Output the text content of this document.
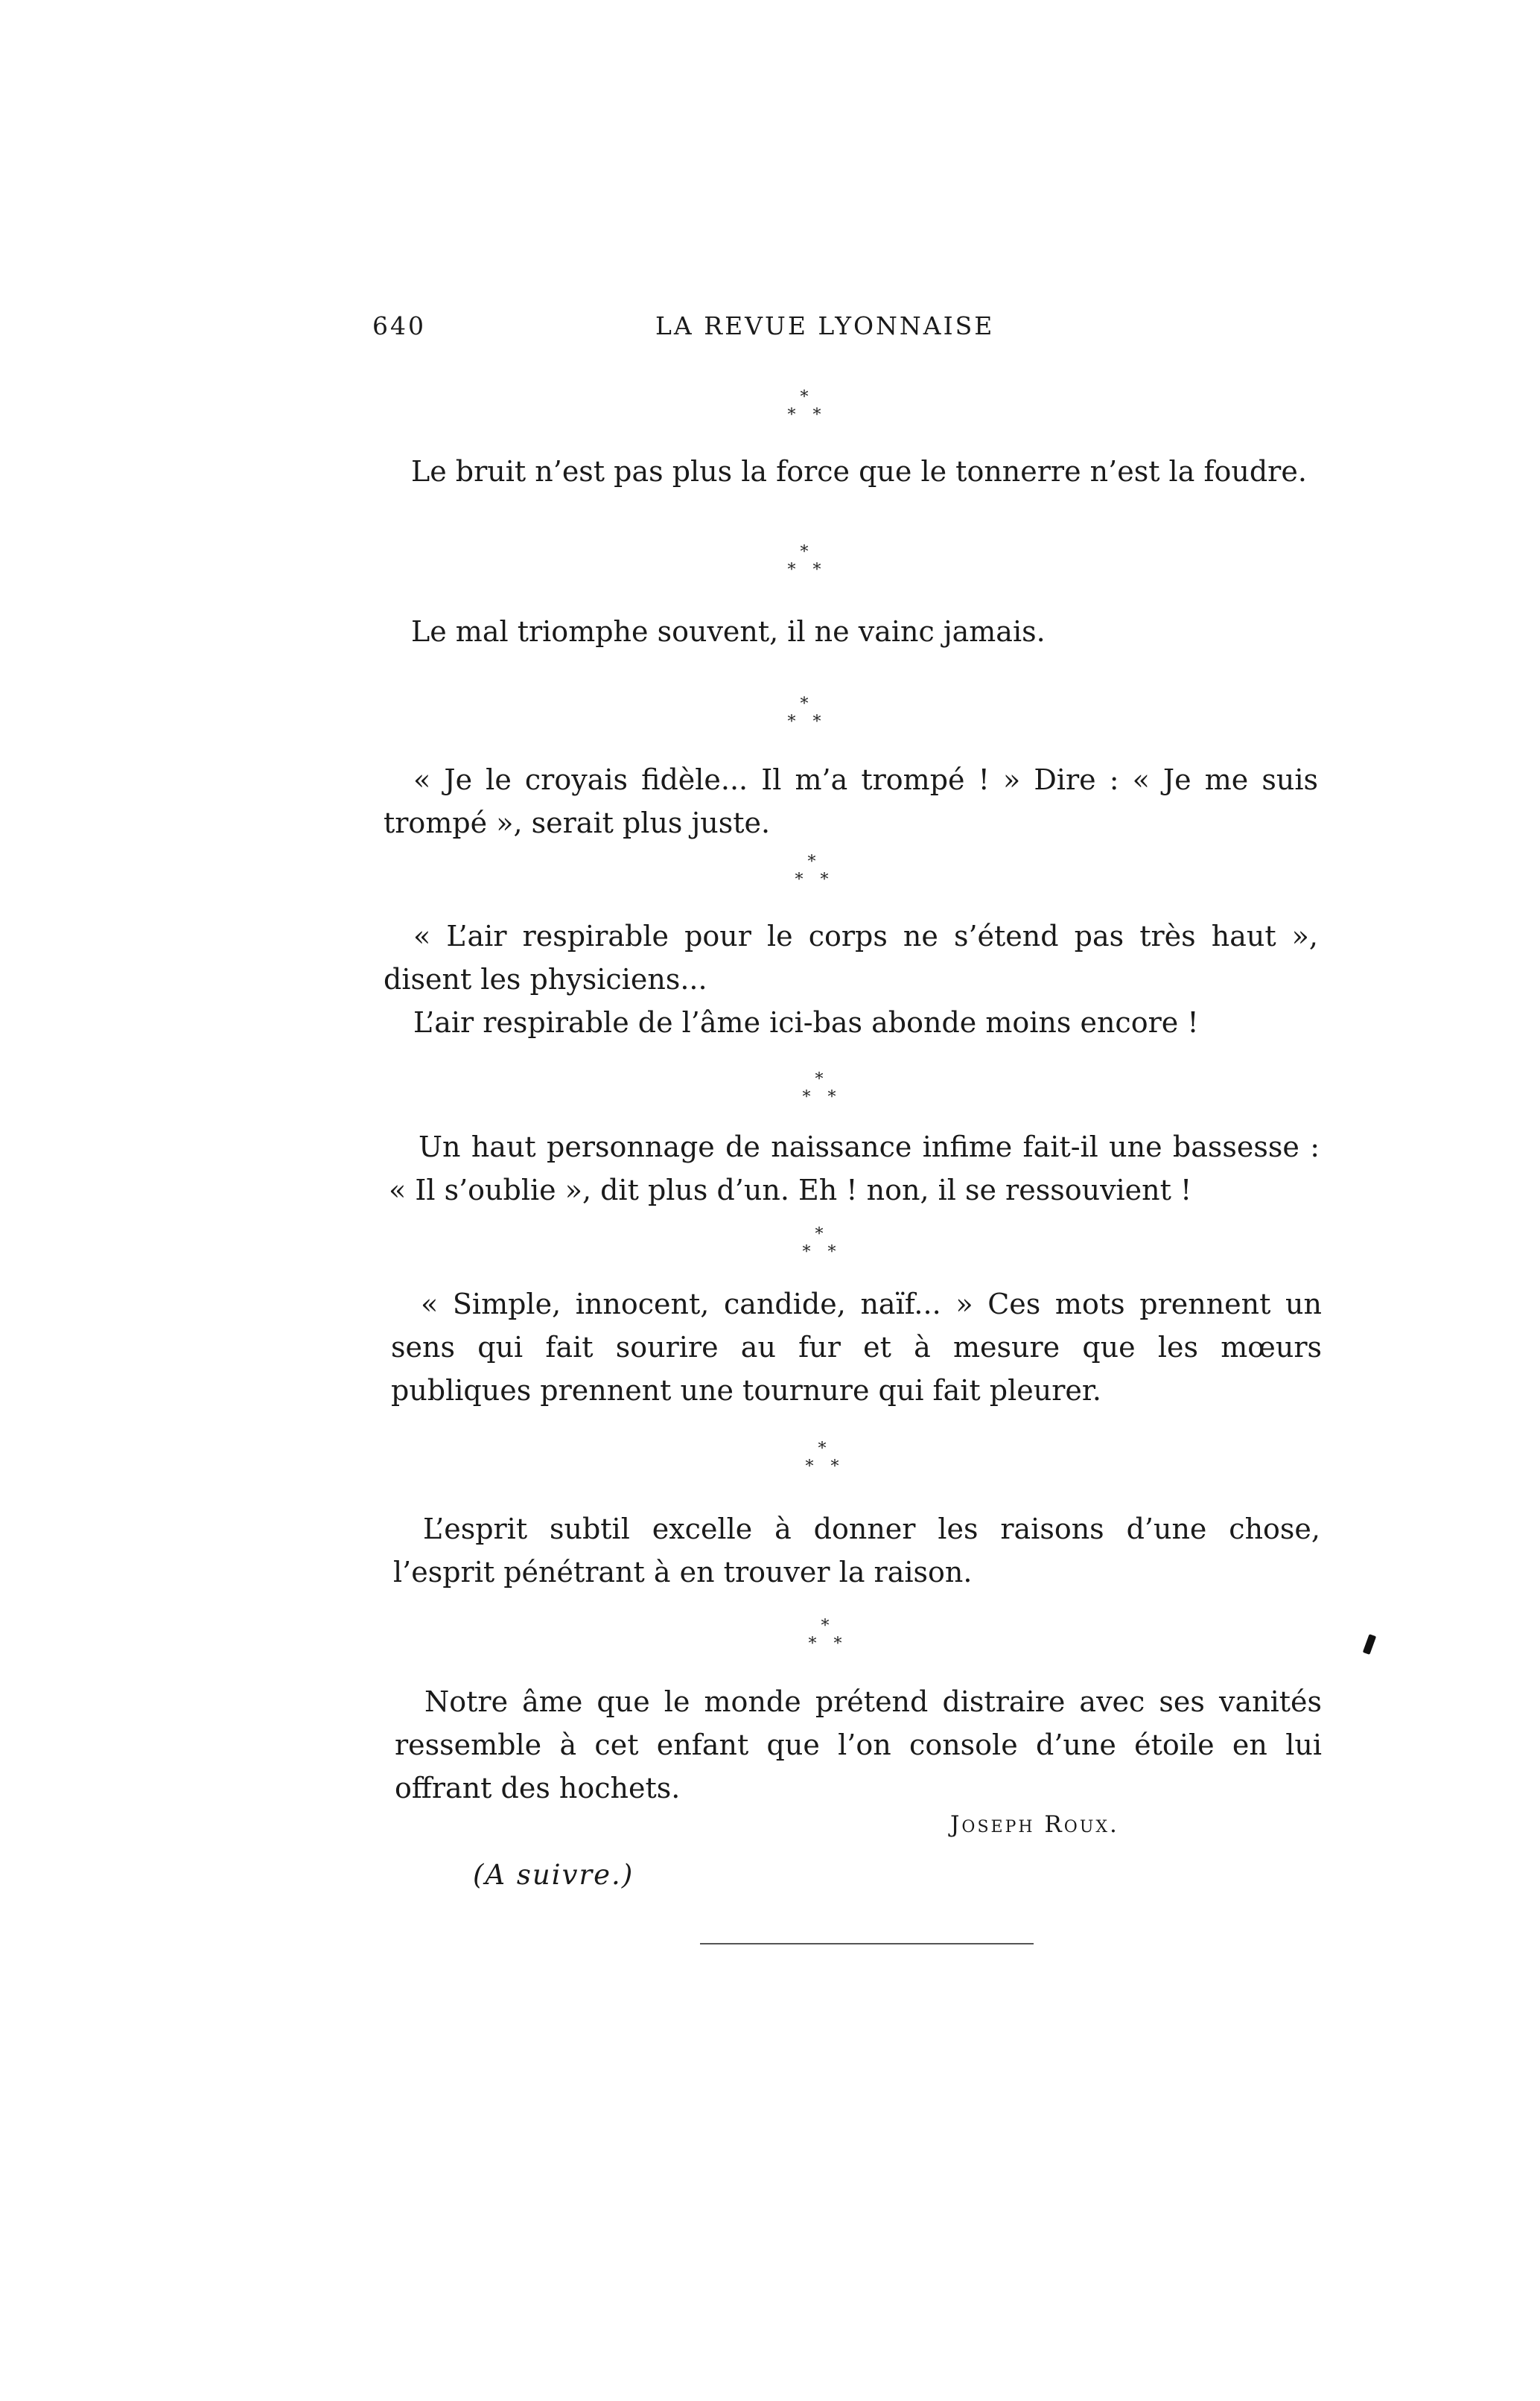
640	LA REVUE LYONNAISE
*
* *
Le bruit n’est pas plus la force que le tonnerre n’est la foudre.
*
* *
Le mal triomphe souvent, il ne vainc jamais.
*
* *
« Je le croyais fidèle... Il m’a trompé ! » Dire : « Je me suis trompé », serait plus juste.
*
* *
« L’air respirable pour le corps ne s’étend pas très haut », disent les physiciens...
L’air respirable de l’âme ici-bas abonde moins encore !
*
* *
Un haut personnage de naissance infime fait-il une bassesse : « Il s’oublie », dit plus d’un. Eh ! non, il se ressouvient !
*
* *
« Simple, innocent, candide, naïf... » Ces mots prennent un sens qui fait sourire au fur et à mesure que les mœurs publiques prennent une tournure qui fait pleurer.
*
* *
L’esprit subtil excelle à donner les raisons d’une chose, l’esprit pénétrant à en trouver la raison.
*
* *
Notre âme que le monde prétend distraire avec ses vanités ressemble à cet enfant que l’on console d’une étoile en lui offrant des hochets.
Joseph Roux.
(A suivre.)
